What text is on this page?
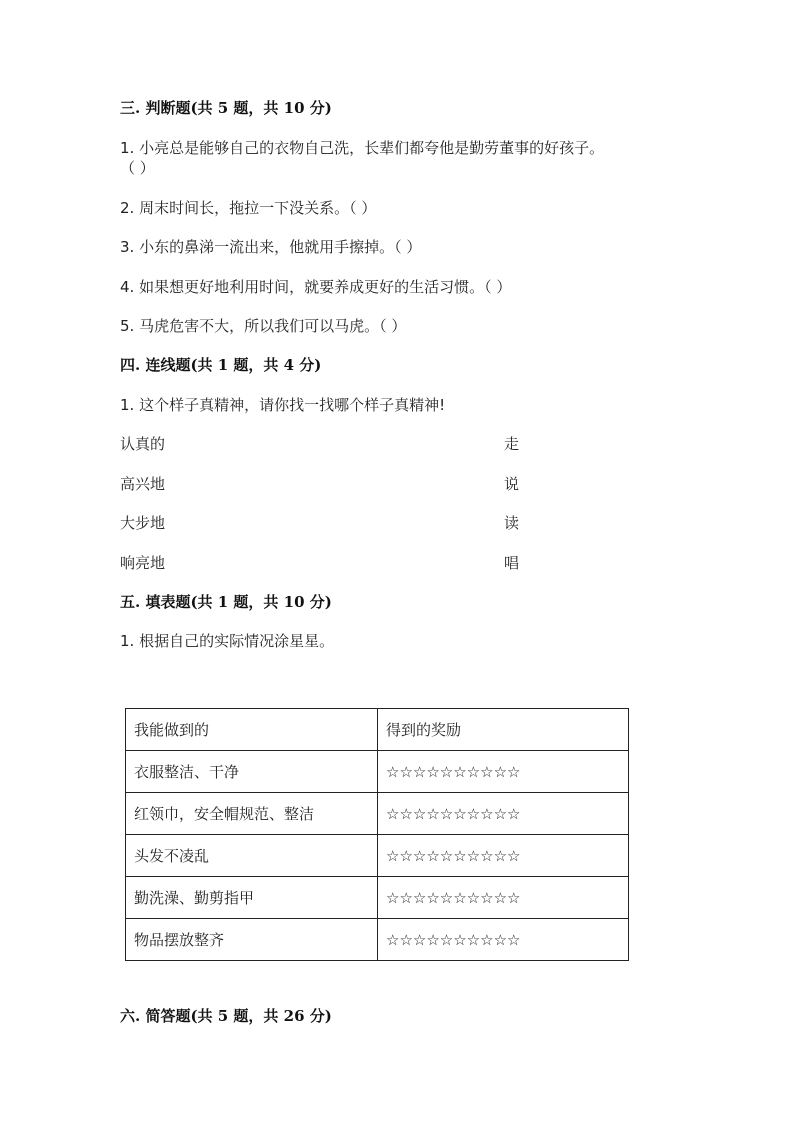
三. 判断题(共 5 题，共 10 分)
1. 小亮总是能够自己的衣物自己洗，长辈们都夸他是勤劳董事的好孩子。
（ ）
2. 周末时间长，拖拉一下没关系。（ ）
3. 小东的鼻涕一流出来，他就用手擦掉。（ ）
4. 如果想更好地利用时间，就要养成更好的生活习惯。（ ）
5. 马虎危害不大，所以我们可以马虎。（ ）
四. 连线题(共 1 题，共 4 分)
1. 这个样子真精神，请你找一找哪个样子真精神!
认真的	走
高兴地	说
大步地	读
响亮地	唱
五. 填表题(共 1 题，共 10 分)
1. 根据自己的实际情况涂星星。
我能做到的	得到的奖励
衣服整洁、干净	☆☆☆☆☆☆☆☆☆☆
红领巾，安全帽规范、整洁	☆☆☆☆☆☆☆☆☆☆
头发不凌乱	☆☆☆☆☆☆☆☆☆☆
勤洗澡、勤剪指甲	☆☆☆☆☆☆☆☆☆☆
物品摆放整齐	☆☆☆☆☆☆☆☆☆☆
六. 简答题(共 5 题，共 26 分)
